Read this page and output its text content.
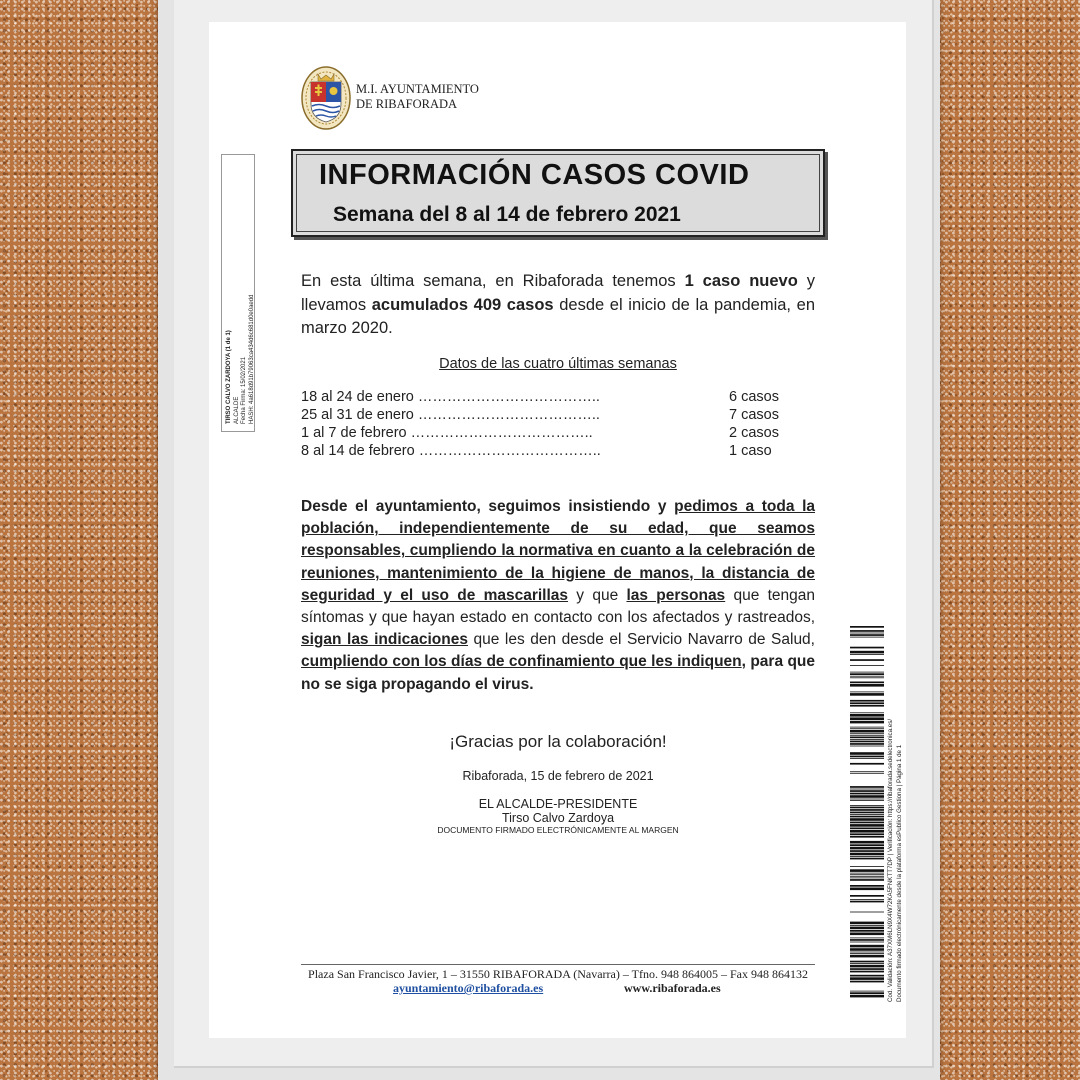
M.I. AYUNTAMIENTO
DE RIBAFORADA
TIRSO CALVO ZARDOYA (1 de 1) ALCALDE Fecha Firma: 15/02/2021 HASH: 4a618d91b79063ca434d6c681d0e0aedd
INFORMACIÓN CASOS COVID
Semana del 8 al 14 de febrero 2021
En esta última semana, en Ribaforada tenemos 1 caso nuevo y llevamos acumulados 409 casos desde el inicio de la pandemia, en marzo 2020.
Datos de las cuatro últimas semanas
18 al 24 de enero ………………………………..	6 casos
25 al 31 de enero ………………………………..	7 casos
1 al 7 de febrero ………………………………..	2 casos
8 al 14 de febrero ………………………………..	1 caso
Desde el ayuntamiento, seguimos insistiendo y pedimos a toda la población, independientemente de su edad, que seamos responsables, cumpliendo la normativa en cuanto a la celebración de reuniones, mantenimiento de la higiene de manos, la distancia de seguridad y el uso de mascarillas y que las personas que tengan síntomas y que hayan estado en contacto con los afectados y rastreados, sigan las indicaciones que les den desde el Servicio Navarro de Salud, cumpliendo con los días de confinamiento que les indiquen, para que no se siga propagando el virus.
¡Gracias por la colaboración!
Ribaforada, 15 de febrero de 2021
EL ALCALDE-PRESIDENTE
Tirso Calvo Zardoya
DOCUMENTO FIRMADO ELECTRÓNICAMENTE AL MARGEN
Plaza San Francisco Javier, 1 – 31550 RIBAFORADA (Navarra) – Tfno. 948 864005 – Fax 948 864132
ayuntamiento@ribaforada.es	www.ribaforada.es	Cod. Validación: A37XM6LN9X4W72KA5FNKTT7DP | Verificación: https://ribaforada.sedelectronica.es/ Documento firmado electrónicamente desde la plataforma esPublico Gestiona | Página 1 de 1
